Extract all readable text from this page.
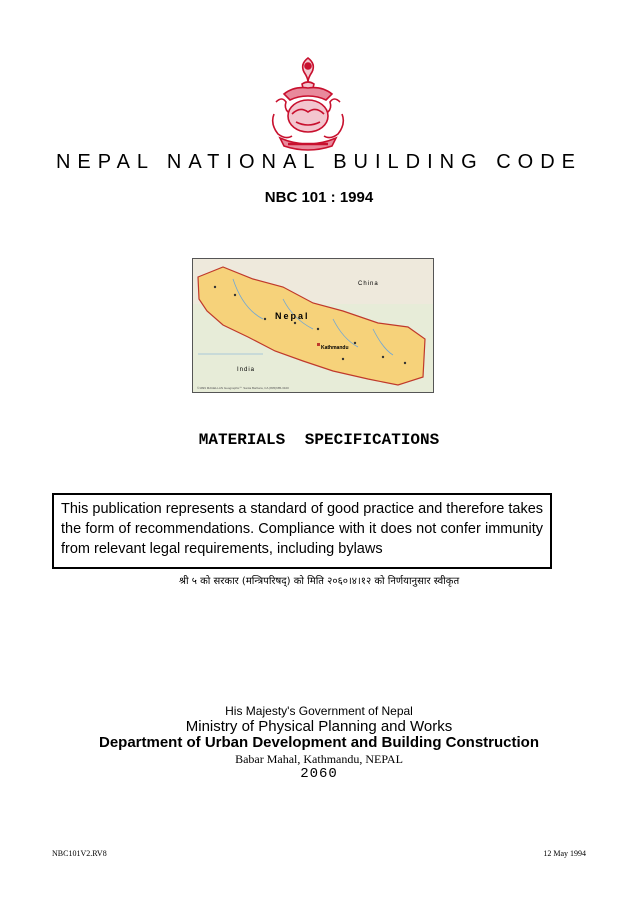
NEPAL NATIONAL BUILDING CODE
NBC 101 : 1994
Nepal
Kathmandu
China
India
©1999 MAGELLAN Geographix℠ Santa Barbara, CA (805)685-3100
MATERIALS SPECIFICATIONS
This publication represents a standard of good practice and therefore takes the form of recommendations. Compliance with it does not confer immunity from relevant legal requirements, including bylaws
श्री ५ को सरकार (मन्त्रिपरिषद्) को मिति २०६०।४।१२ को निर्णयानुसार स्वीकृत
His Majesty's Government of Nepal
Ministry of Physical Planning and Works
Department of Urban Development and Building Construction
Babar Mahal, Kathmandu, NEPAL
2060
NBC101V2.RV8	12 May 1994
